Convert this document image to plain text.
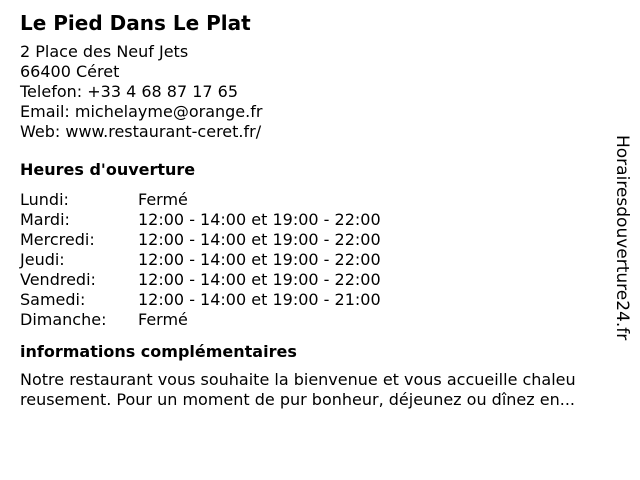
Le Pied Dans Le Plat
2 Place des Neuf Jets
66400 Céret
Telefon: +33 4 68 87 17 65
Email: michelayme@orange.fr
Web: www.restaurant-ceret.fr/
Heures d'ouverture
Lundi:	Fermé
Mardi:	12:00 - 14:00 et 19:00 - 22:00
Mercredi:	12:00 - 14:00 et 19:00 - 22:00
Jeudi:	12:00 - 14:00 et 19:00 - 22:00
Vendredi:	12:00 - 14:00 et 19:00 - 22:00
Samedi:	12:00 - 14:00 et 19:00 - 21:00
Dimanche:	Fermé
informations complémentaires
Notre restaurant vous souhaite la bienvenue et vous accueille chaleu
reusement. Pour un moment de pur bonheur, déjeunez ou dînez en...
Horairesdouverture24.fr
